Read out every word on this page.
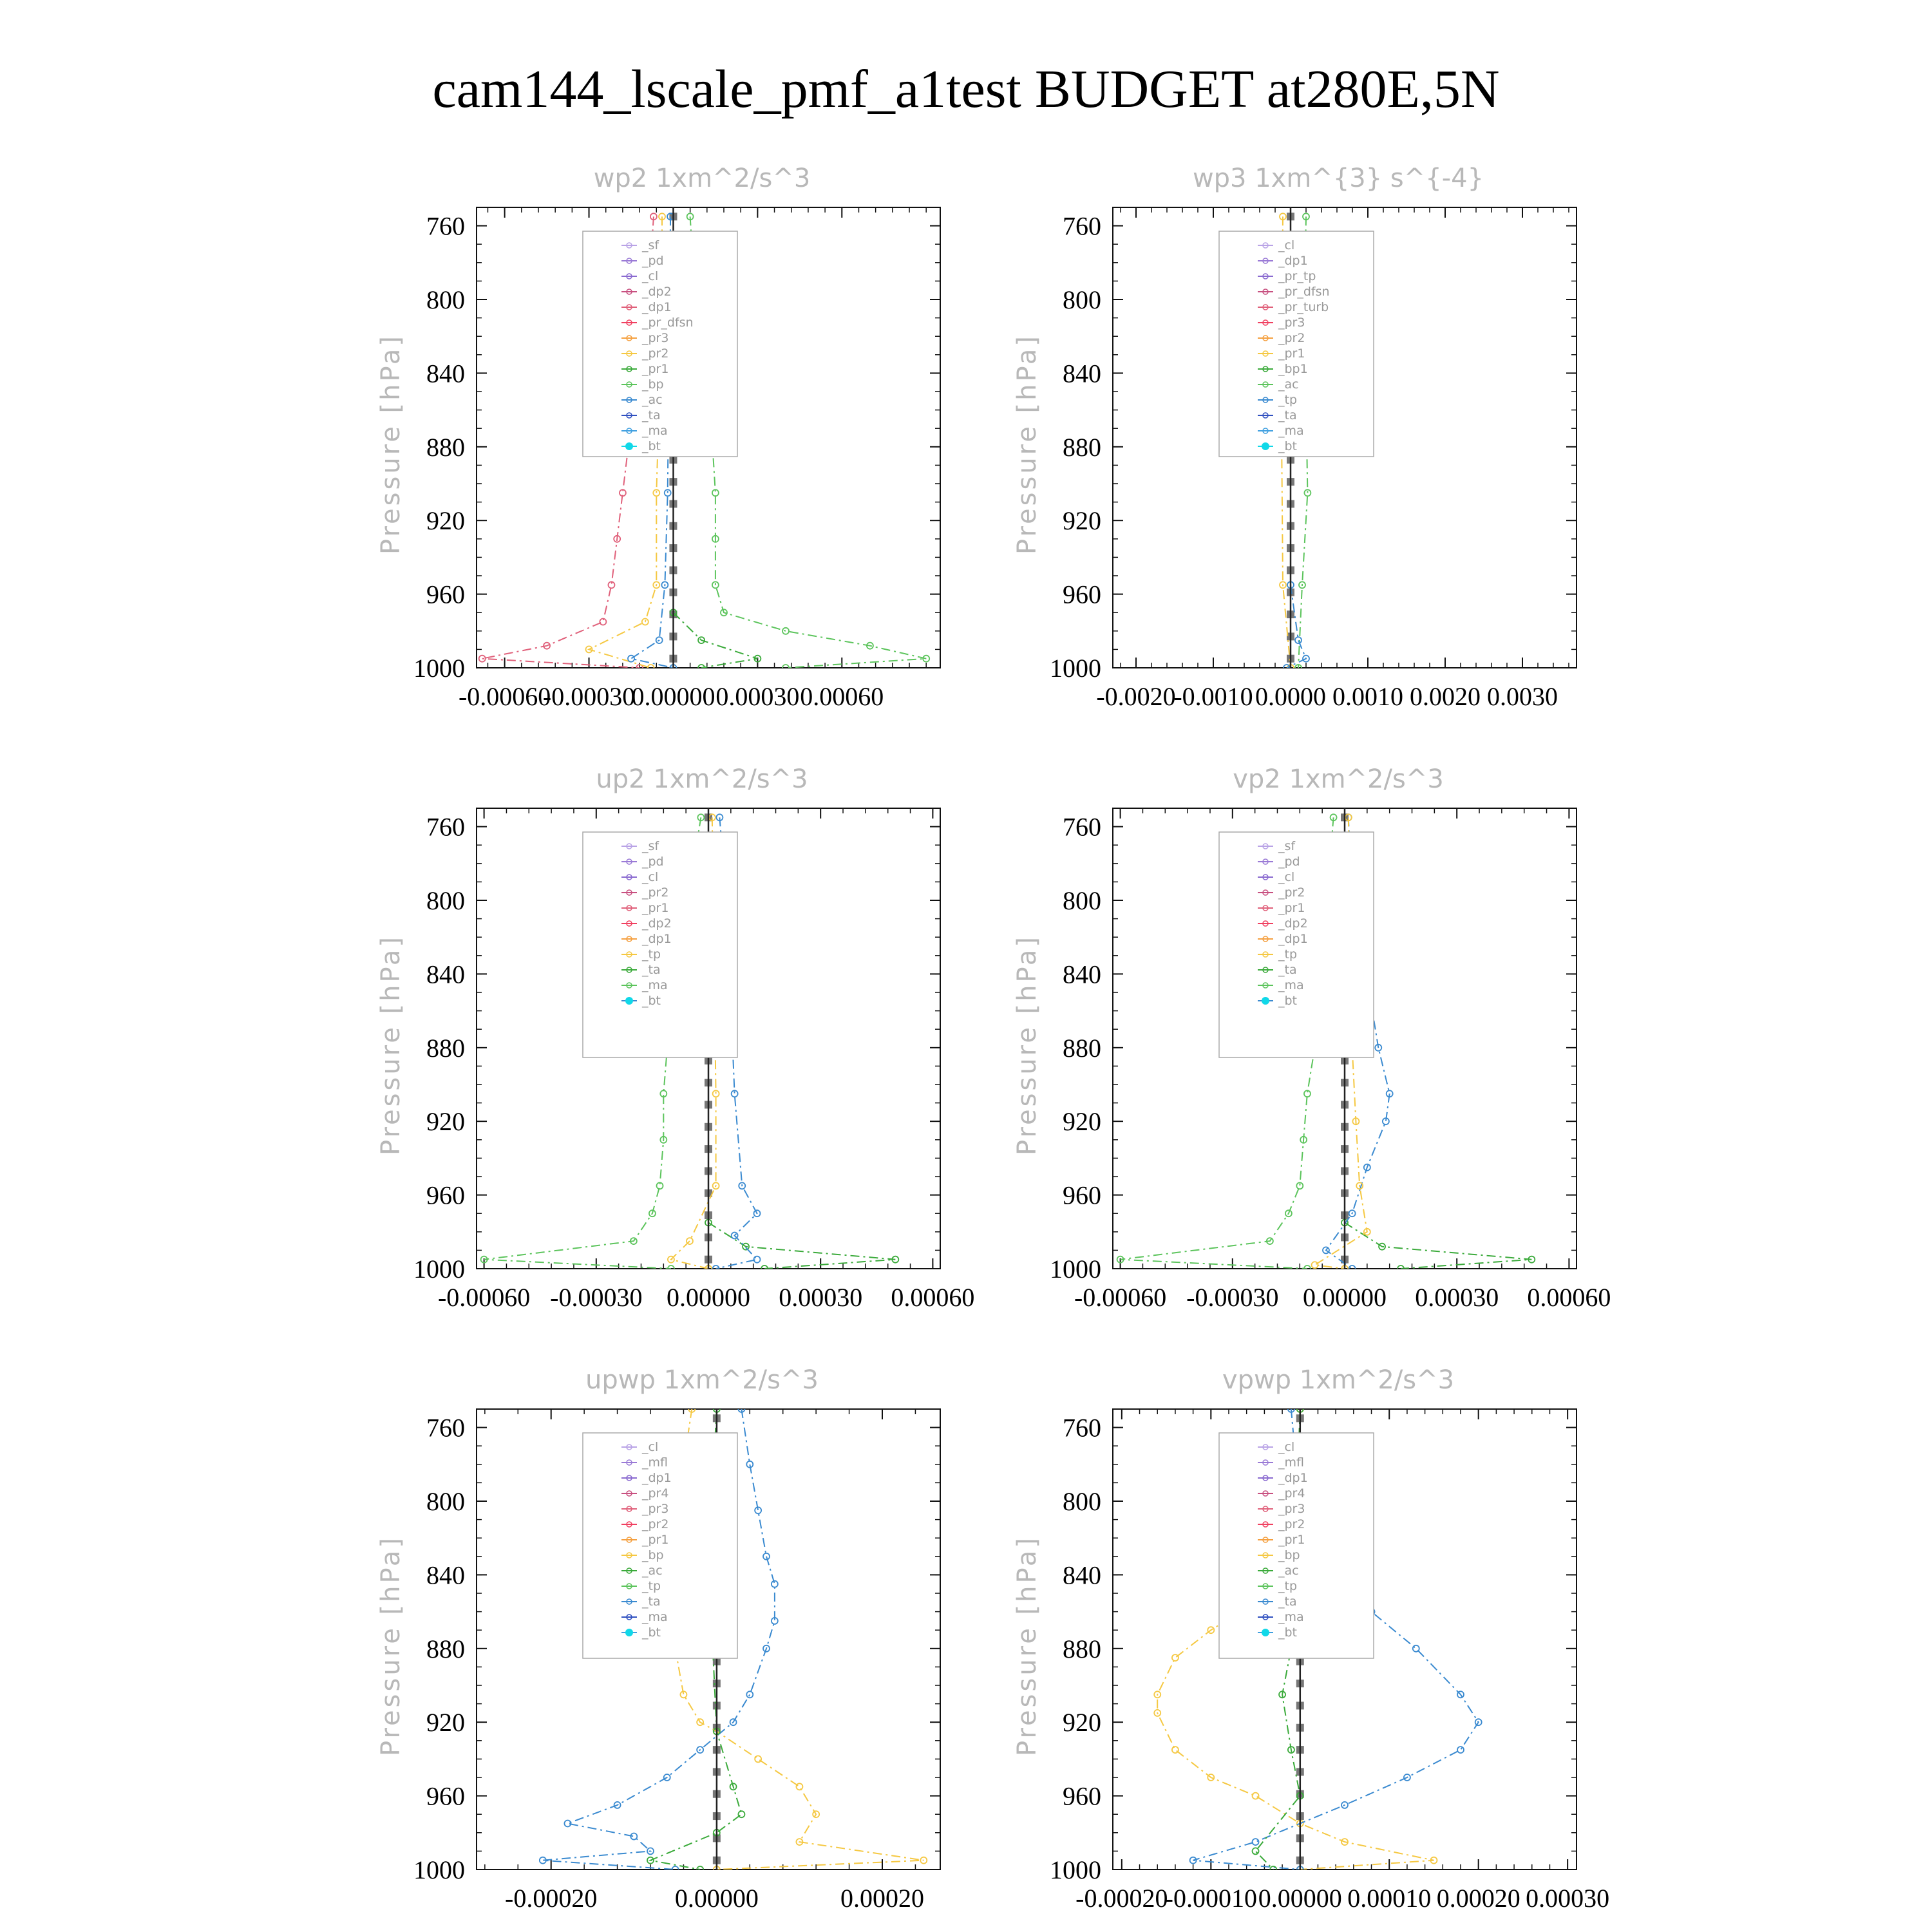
cam144_lscale_pmf_a1test BUDGET at280E,5N
wp2 1xm^2/s^3
Pressure [hPa]
760
800
840
880
920
960
1000
-0.00060
-0.00030
0.00000 0.00030 0.00060
_sf
_pd
_cl
_dp2
_dp1
_pr_dfsn
_pr3
_pr2
_pr1
_bp
_ac
_ta
_ma
_bt
wp3 1xm^{3} s^{-4}
Pressure [hPa]
760
800
840
880
920
960
1000
-0.0020
-0.0010 0.0000 0.0010 0.0020 0.0030
_cl
_dp1
_pr_tp
_pr_dfsn
_pr_turb
_pr3
_pr2
_pr1
_bp1
_ac
_tp
_ta
_ma
_bt
up2 1xm^2/s^3
Pressure [hPa]
760
800
840
880
920
960
1000
-0.00060 -0.00030 0.00000 0.00030 0.00060
_sf
_pd
_cl
_pr2
_pr1
_dp2
_dp1
_tp
_ta
_ma
_bt
vp2 1xm^2/s^3
Pressure [hPa]
760
800
840
880
920
960
1000
-0.00060 -0.00030 0.00000 0.00030 0.00060
_sf
_pd
_cl
_pr2
_pr1
_dp2
_dp1
_tp
_ta
_ma
_bt
upwp 1xm^2/s^3
Pressure [hPa]
760
800
840
880
920
960
1000
-0.00020	0.00000	0.00020
_cl
_mfl
_dp1
_pr4
_pr3
_pr2
_pr1
_bp
_ac
_tp
_ta
_ma
_bt
vpwp 1xm^2/s^3
Pressure [hPa]
760
800
840
880
920
960
1000
-0.00020
-0.00010 0.00000 0.00010 0.00020 0.00030
_cl
_mfl
_dp1
_pr4
_pr3
_pr2
_pr1
_bp
_ac
_tp
_ta
_ma
_bt
